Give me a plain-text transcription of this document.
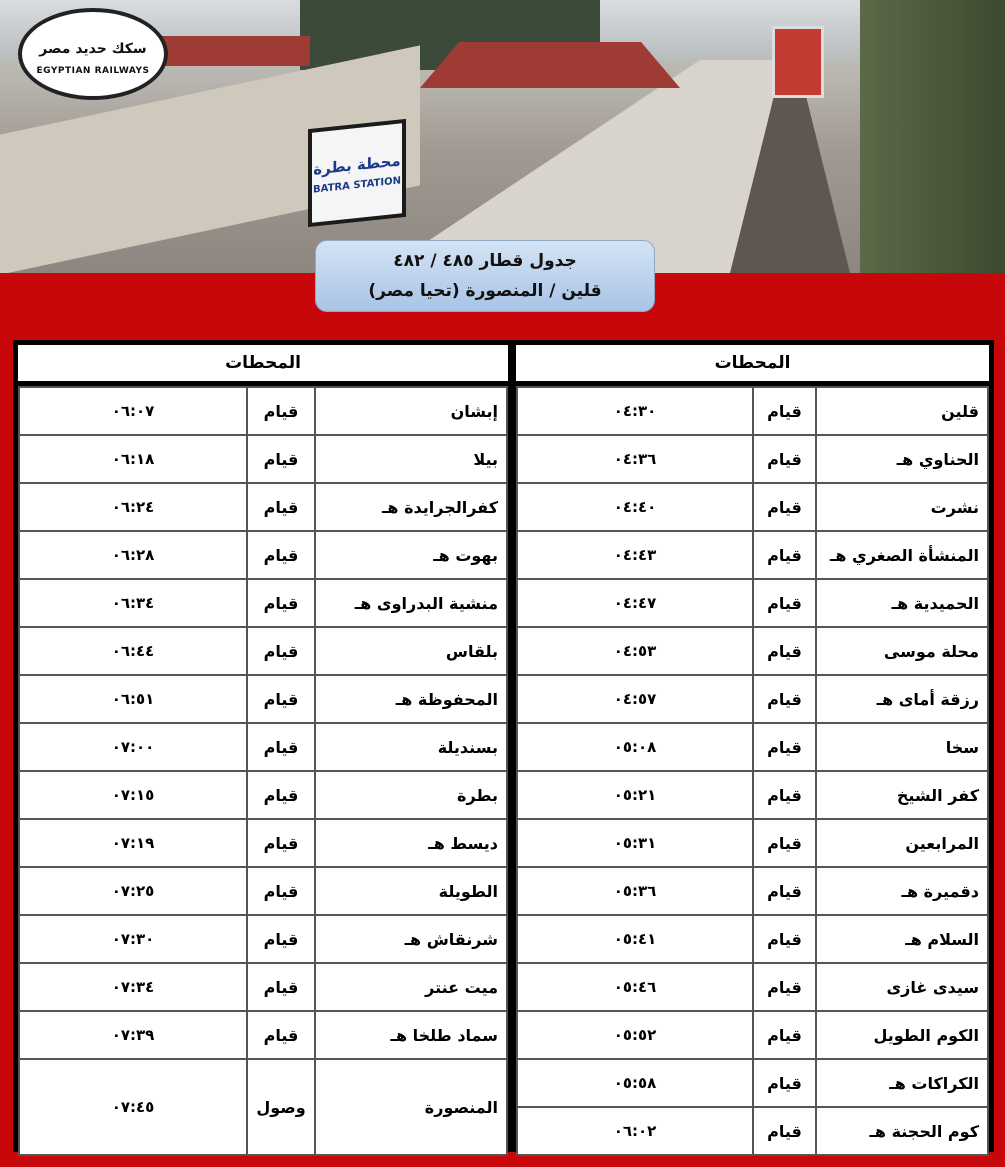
سكك حديد مصر
EGYPTIAN RAILWAYS
محطة بطرة
BATRA STATION
جدول قطار ٤٨٥ / ٤٨٢
قلين / المنصورة (تحيا مصر)
المحطات
قلين	قيام	٠٤:٣٠
الحناوي هـ	قيام	٠٤:٣٦
نشرت	قيام	٠٤:٤٠
المنشأة الصغري هـ	قيام	٠٤:٤٣
الحميدية هـ	قيام	٠٤:٤٧
محلة موسى	قيام	٠٤:٥٣
رزقة أماى هـ	قيام	٠٤:٥٧
سخا	قيام	٠٥:٠٨
كفر الشيخ	قيام	٠٥:٢١
المرابعين	قيام	٠٥:٣١
دقميرة هـ	قيام	٠٥:٣٦
السلام هـ	قيام	٠٥:٤١
سيدى غازى	قيام	٠٥:٤٦
الكوم الطويل	قيام	٠٥:٥٢
الكراكات هـ	قيام	٠٥:٥٨
كوم الحجنة هـ	قيام	٠٦:٠٢
المحطات
إبشان	قيام	٠٦:٠٧
بيلا	قيام	٠٦:١٨
كفرالجرايدة هـ	قيام	٠٦:٢٤
بهوت هـ	قيام	٠٦:٢٨
منشية البدراوى هـ	قيام	٠٦:٣٤
بلقاس	قيام	٠٦:٤٤
المحفوظة هـ	قيام	٠٦:٥١
بسنديلة	قيام	٠٧:٠٠
بطرة	قيام	٠٧:١٥
ديسط هـ	قيام	٠٧:١٩
الطويلة	قيام	٠٧:٢٥
شرنقاش هـ	قيام	٠٧:٣٠
ميت عنتر	قيام	٠٧:٣٤
سماد طلخا هـ	قيام	٠٧:٣٩
المنصورة	وصول	٠٧:٤٥
